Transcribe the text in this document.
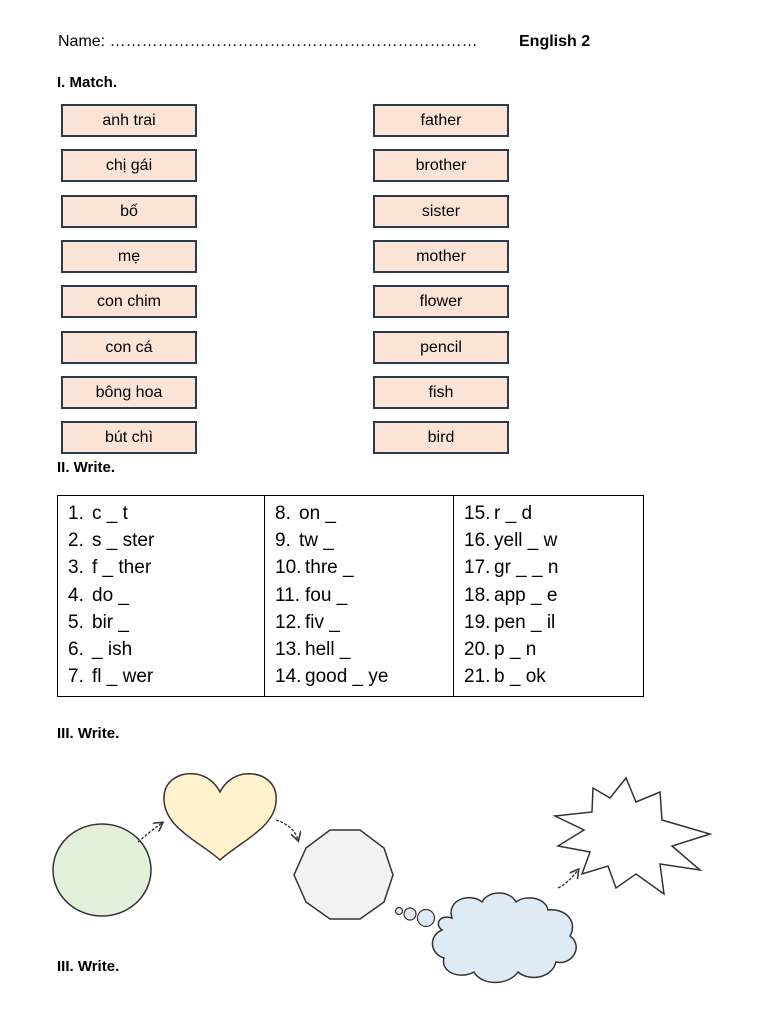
Name: ……………………………………………………………	English 2
I. Match.
anh trai
chị gái
bố
mẹ
con chim
con cá
bông hoa
bút chì
father
brother
sister
mother
flower
pencil
fish
bird
II. Write.
1. c _ t
2. s _ ster
3. f _ ther
4. do _
5. bir _
6. _ ish
7. fl _ wer

8. on _
9. tw _
10. thre _
11. fou _
12. fiv _
13. hell _
14. good _ ye

15. r _ d
16. yell _ w
17. gr _ _ n
18. app _ e
19. pen _ il
20. p _ n
21. b _ ok
III. Write.
III. Write.
